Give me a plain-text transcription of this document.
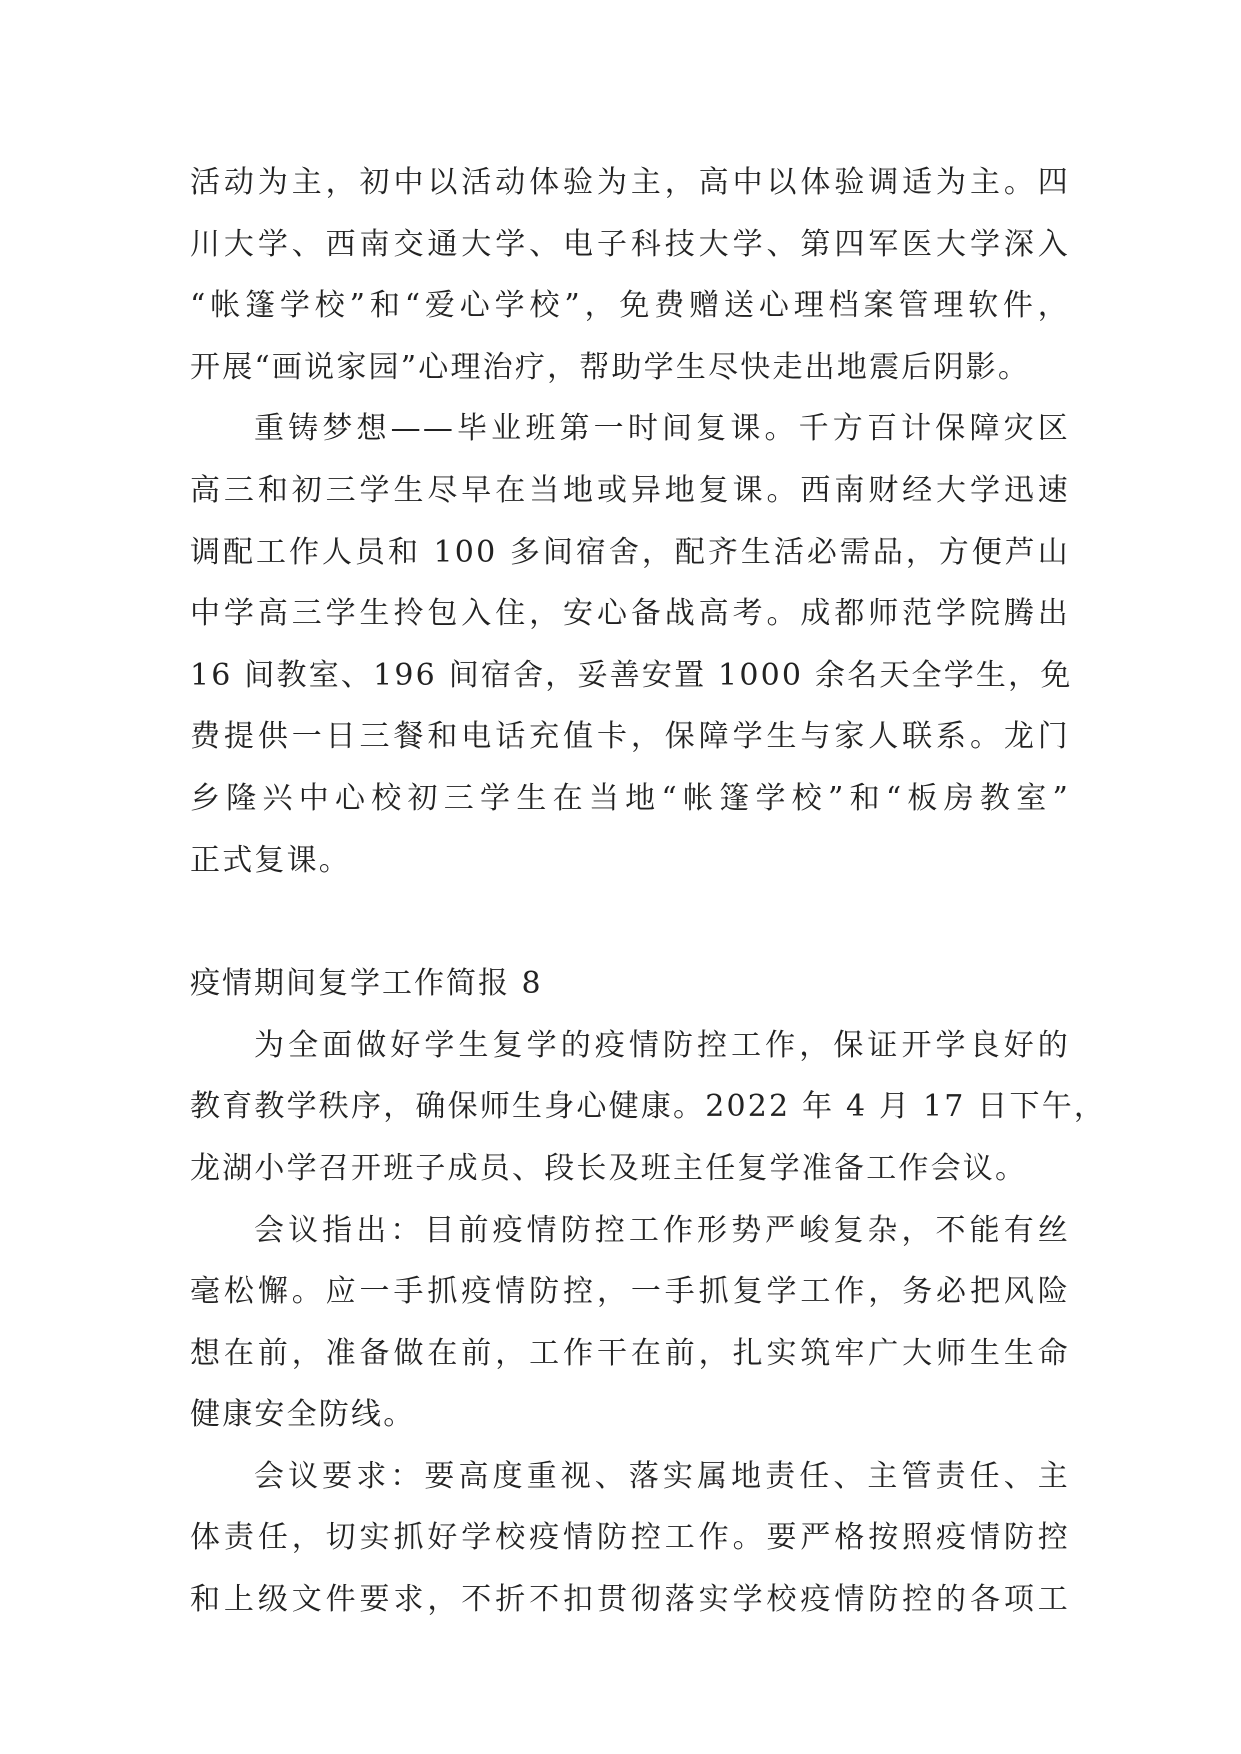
活动为主，初中以活动体验为主，高中以体验调适为主。四
川大学、西南交通大学、电子科技大学、第四军医大学深入
“帐篷学校”和“爱心学校”，免费赠送心理档案管理软件，
开展“画说家园”心理治疗，帮助学生尽快走出地震后阴影。
重铸梦想——毕业班第一时间复课。千方百计保障灾区
高三和初三学生尽早在当地或异地复课。西南财经大学迅速
调配工作人员和 100 多间宿舍，配齐生活必需品，方便芦山
中学高三学生拎包入住，安心备战高考。成都师范学院腾出
16 间教室、196 间宿舍，妥善安置 1000 余名天全学生，免
费提供一日三餐和电话充值卡，保障学生与家人联系。龙门
乡隆兴中心校初三学生在当地“帐篷学校”和“板房教室”
正式复课。
疫情期间复学工作简报 8
为全面做好学生复学的疫情防控工作，保证开学良好的
教育教学秩序，确保师生身心健康。2022 年 4 月 17 日下午，
龙湖小学召开班子成员、段长及班主任复学准备工作会议。
会议指出：目前疫情防控工作形势严峻复杂，不能有丝
毫松懈。应一手抓疫情防控，一手抓复学工作，务必把风险
想在前，准备做在前，工作干在前，扎实筑牢广大师生生命
健康安全防线。
会议要求：要高度重视、落实属地责任、主管责任、主
体责任，切实抓好学校疫情防控工作。要严格按照疫情防控
和上级文件要求，不折不扣贯彻落实学校疫情防控的各项工
